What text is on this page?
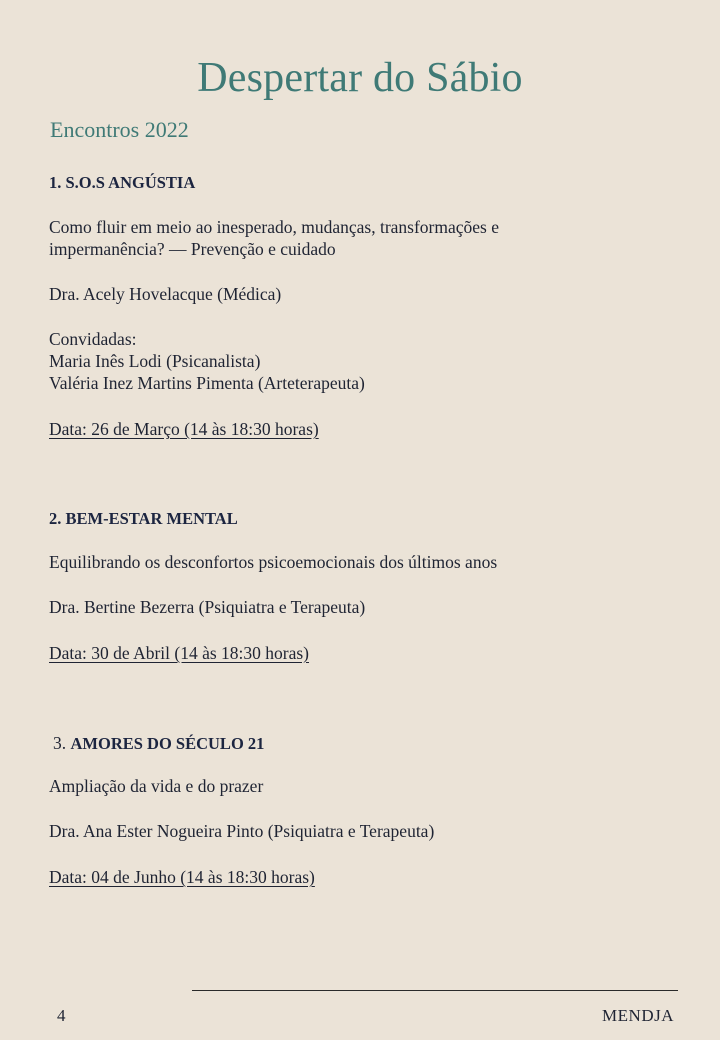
Despertar do Sábio
Encontros 2022
1. S.O.S ANGÚSTIA
Como fluir em meio ao inesperado, mudanças, transformações e
impermanência? — Prevenção e cuidado
Dra. Acely Hovelacque (Médica)
Convidadas:
Maria Inês Lodi (Psicanalista)
Valéria Inez Martins Pimenta (Arteterapeuta)
Data: 26 de Março (14 às 18:30 horas)
2. BEM-ESTAR MENTAL
Equilibrando os desconfortos psicoemocionais dos últimos anos
Dra. Bertine Bezerra (Psiquiatra e Terapeuta)
Data: 30 de Abril (14 às 18:30 horas)
3. AMORES DO SÉCULO 21
Ampliação da vida e do prazer
Dra. Ana Ester Nogueira Pinto (Psiquiatra e Terapeuta)
Data: 04 de Junho (14 às 18:30 horas)
4	MENDJA
